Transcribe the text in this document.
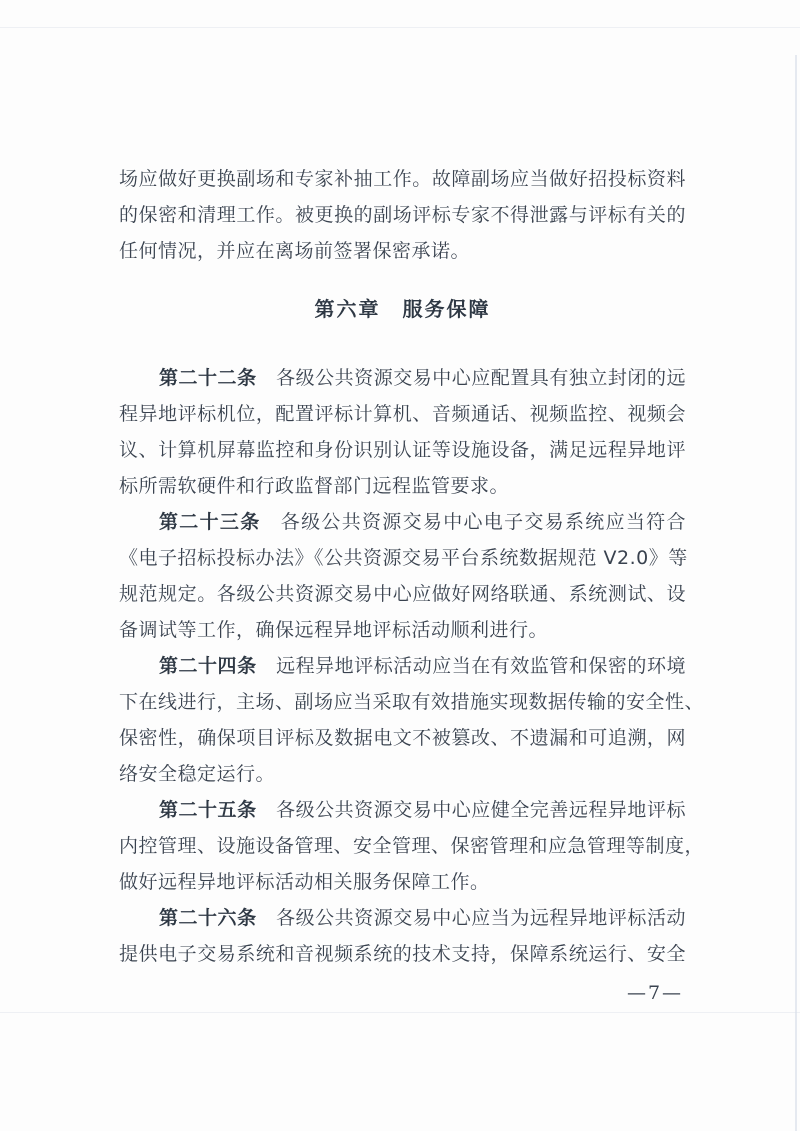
场应做好更换副场和专家补抽工作。故障副场应当做好招投标资料
的保密和清理工作。被更换的副场评标专家不得泄露与评标有关的
任何情况，并应在离场前签署保密承诺。
第六章　服务保障
第二十二条　各级公共资源交易中心应配置具有独立封闭的远
程异地评标机位，配置评标计算机、音频通话、视频监控、视频会
议、计算机屏幕监控和身份识别认证等设施设备，满足远程异地评
标所需软硬件和行政监督部门远程监管要求。
第二十三条　各级公共资源交易中心电子交易系统应当符合
《电子招标投标办法》《公共资源交易平台系统数据规范 V2.0》等
规范规定。各级公共资源交易中心应做好网络联通、系统测试、设
备调试等工作，确保远程异地评标活动顺利进行。
第二十四条　远程异地评标活动应当在有效监管和保密的环境
下在线进行，主场、副场应当采取有效措施实现数据传输的安全性、
保密性，确保项目评标及数据电文不被篡改、不遗漏和可追溯，网
络安全稳定运行。
第二十五条　各级公共资源交易中心应健全完善远程异地评标
内控管理、设施设备管理、安全管理、保密管理和应急管理等制度，
做好远程异地评标活动相关服务保障工作。
第二十六条　各级公共资源交易中心应当为远程异地评标活动
提供电子交易系统和音视频系统的技术支持，保障系统运行、安全
—7—
